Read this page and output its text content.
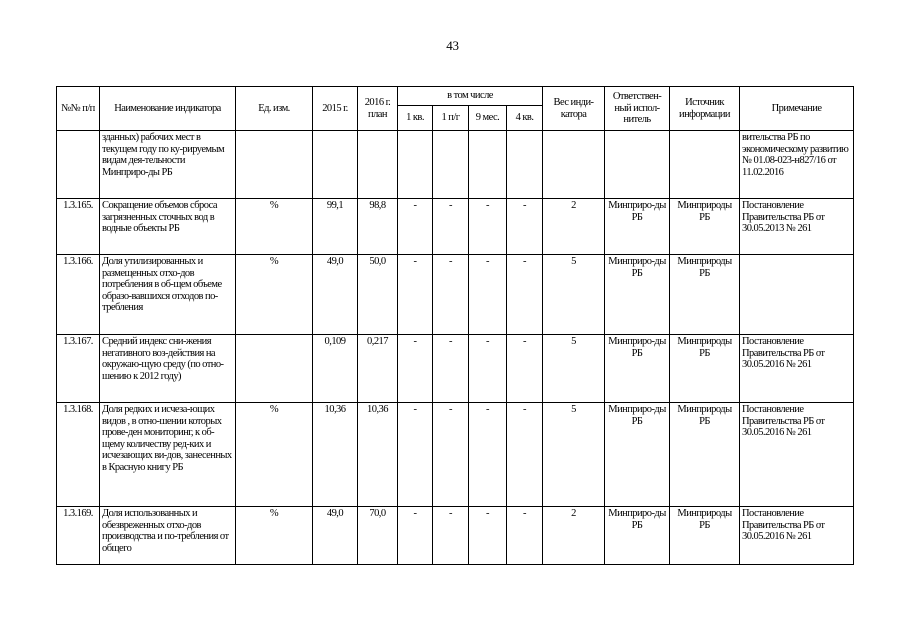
43
№№ п/п	Наименование индикатора	Ед. изм.	2015 г.	2016 г. план	в том числе				Вес инди-катора	Ответствен-ный испол-нитель	Источник информации	Примечание
					1 кв.	1 п/г	9 мес.	4 кв.				
	зданных) рабочих мест в текущем году по ку-рируемым видам дея-тельности Минприро-ды РБ											вительства РБ по экономическому развитию № 01.08-023-н827/16 от 11.02.2016
1.3.165.	Сокращение объемов сброса загрязненных сточных вод в водные объекты РБ	%	99,1	98,8	-	-	-	-	2	Минприро-ды РБ	Минприроды РБ	Постановление Правительства РБ от 30.05.2013 № 261
1.3.166.	Доля утилизированных и размещенных отхо-дов потребления в об-щем объеме образо-вавшихся отходов по-требления	%	49,0	50,0	-	-	-	-	5	Минприро-ды РБ	Минприроды РБ	
1.3.167.	Средний индекс сни-жения негативного воз-действия на окружаю-щую среду (по отно-шению к 2012 году)		0,109	0,217	-	-	-	-	5	Минприро-ды РБ	Минприроды РБ	Постановление Правительства РБ от 30.05.2016 № 261
1.3.168.	Доля редких и исчеза-ющих видов , в отно-шении которых прове-ден мониторинг, к об-щему количеству ред-ких и исчезающих ви-дов, занесенных в Красную книгу РБ	%	10,36	10,36	-	-	-	-	5	Минприро-ды РБ	Минприроды РБ	Постановление Правительства РБ от 30.05.2016 № 261
1.3.169.	Доля использованных и обезвреженных отхо-дов производства и по-требления от общего	%	49,0	70,0	-	-	-	-	2	Минприро-ды РБ	Минприроды РБ	Постановление Правительства РБ от 30.05.2016 № 261
